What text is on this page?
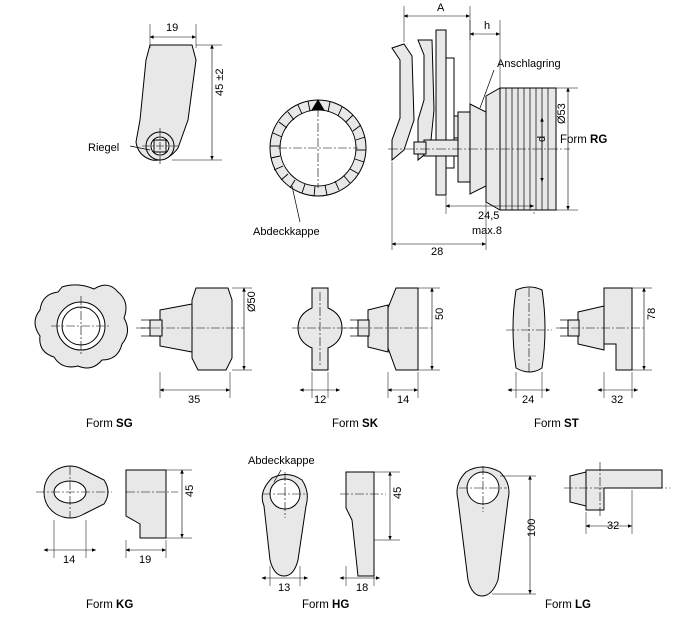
Riegel
Abdeckkappe
Anschlagring
Abdeckkappe
19
45 ±2
A
h
Ø53
d
24,5
max.8
28
Ø50
35
50
12	14
78
24	32
45
14	19
45
13	18
100	32
Form RG
Form SG	Form SK	Form ST
Form KG	Form HG	Form LG
